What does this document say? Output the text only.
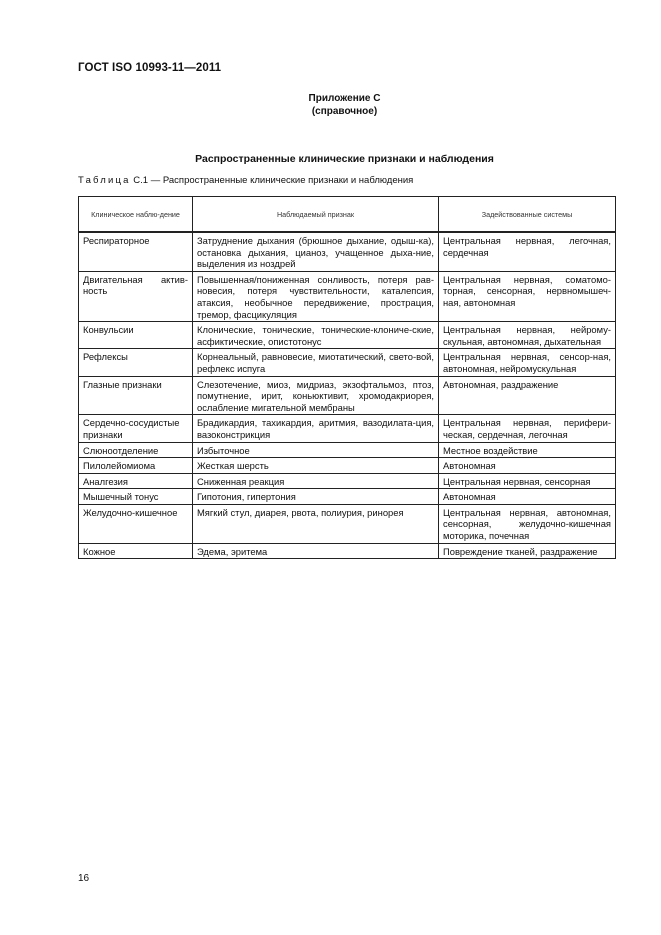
ГОСТ ISO 10993-11—2011
Приложение С
(справочное)
Распространенные клинические признаки и наблюдения
Таблица С.1 — Распространенные клинические признаки и наблюдения
Клиническое наблю-дение	Наблюдаемый признак	Задействованные системы
Респираторное	Затруднение дыхания (брюшное дыхание, одыш-ка), остановка дыхания, цианоз, учащенное дыха-ние, выделения из ноздрей	Центральная нервная, легочная, сердечная
Двигательная актив-ность	Повышенная/пониженная сонливость, потеря рав-новесия, потеря чувствительности, каталепсия, атаксия, необычное передвижение, прострация, тремор, фасцикуляция	Центральная нервная, соматомо-торная, сенсорная, нервномышеч-ная, автономная
Конвульсии	Клонические, тонические, тонические-клониче-ские, асфиктические, опистотонус	Центральная нервная, нейрому-скульная, автономная, дыхательная
Рефлексы	Корнеальный, равновесие, миотатический, свето-вой, рефлекс испуга	Центральная нервная, сенсор-ная, автономная, нейромускульная
Глазные признаки	Слезотечение, миоз, мидриаз, экзофтальмоз, птоз, помутнение, ирит, коньюктивит, хромодакриорея, ослабление мигательной мембраны	Автономная, раздражение
Сердечно-сосудистые признаки	Брадикардия, тахикардия, аритмия, вазодилата-ция, вазоконстрикция	Центральная нервная, перифери-ческая, сердечная, легочная
Слюноотделение	Избыточное	Местное воздействие
Пилолейомиома	Жесткая шерсть	Автономная
Аналгезия	Сниженная реакция	Центральная нервная, сенсорная
Мышечный тонус	Гипотония, гипертония	Автономная
Желудочно-кишечное	Мягкий стул, диарея, рвота, полиурия, ринорея	Центральная нервная, автономная, сенсорная, желудочно-кишечная моторика, почечная
Кожное	Эдема, эритема	Повреждение тканей, раздражение
16
